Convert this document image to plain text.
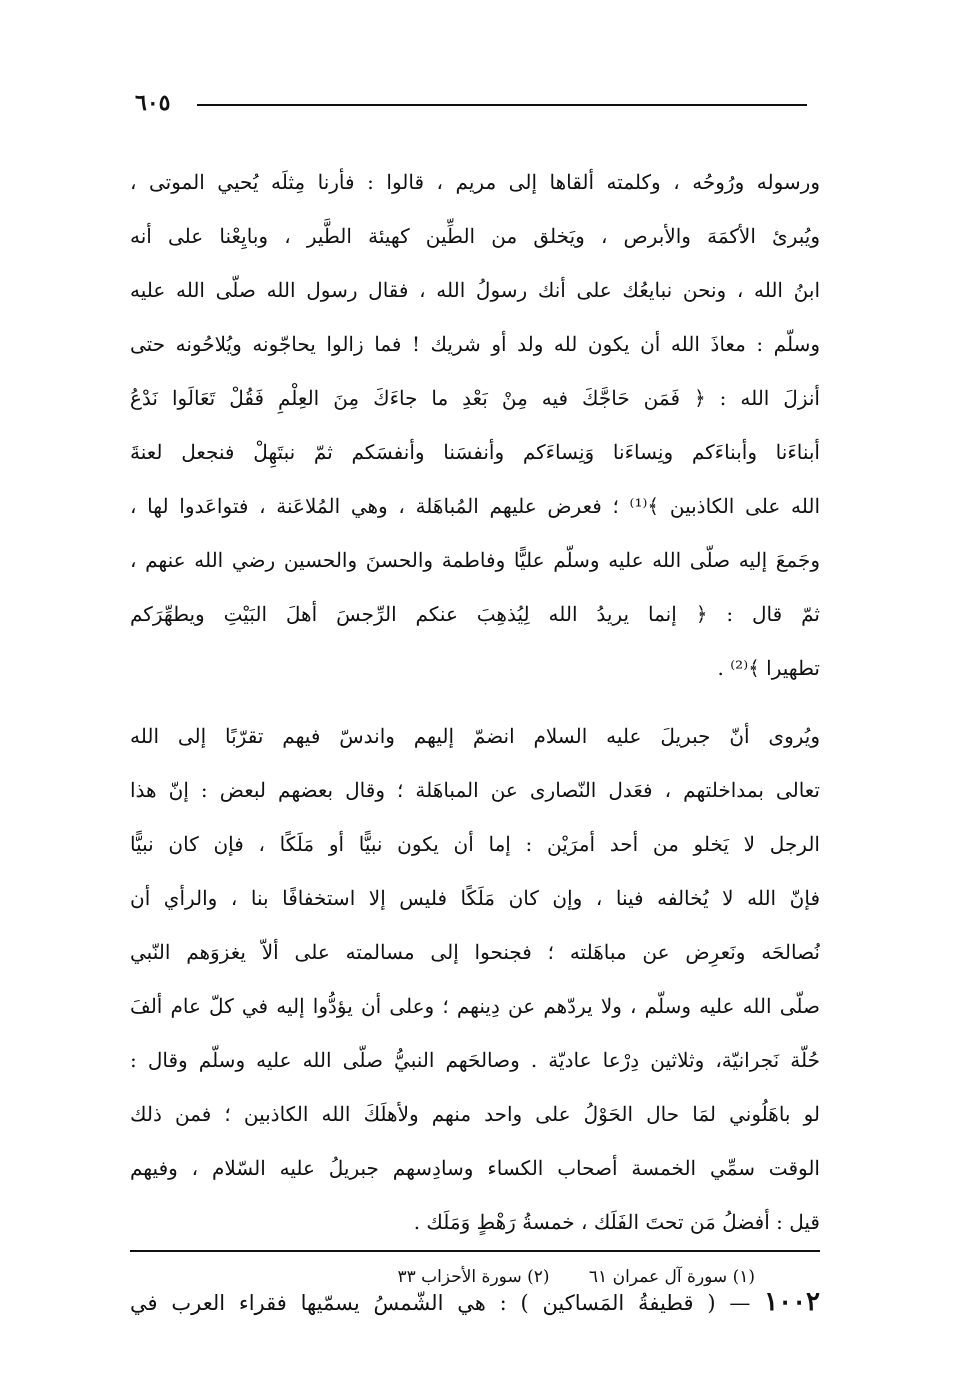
٦٠٥
ورسوله ورُوحُه ، وكلمته ألقاها إلى مريم ، قالوا : فأرنا مِثلَه يُحيي الموتى ،
ويُبرئ الأكمَهَ والأبرص ، ويَخلق من الطِّين كهيئة الطَّير ، وبايِعْنا على أنه
ابنُ الله ، ونحن نبايعُك على أنك رسولُ الله ، فقال رسول الله صلّى الله عليه
وسلّم : معاذَ الله أن يكون لله ولد أو شريك ! فما زالوا يحاجّونه ويُلاحُونه حتى
أنزلَ الله : ﴿ فَمَن حَاجَّكَ فيه مِنْ بَعْدِ ما جاءَكَ مِنَ العِلْمِ فَقُلْ تَعَالَوا نَدْعُ
أبناءَنا وأبناءَكم ونِساءَنا وَنِساءَكم وأنفسَنا وأنفسَكم ثمّ نبتَهِلْ فنجعل لعنةَ
الله على الكاذبين ﴾⁽¹⁾ ؛ فعرض عليهم المُباهَلة ، وهي المُلاعَنة ، فتواعَدوا لها ،
وجَمعَ إليه صلّى الله عليه وسلّم عليًّا وفاطمة والحسنَ والحسين رضي الله عنهم ،
ثمّ قال : ﴿ إنما يريدُ الله لِيُذهِبَ عنكم الرِّجسَ أهلَ البَيْتِ ويطهِّرَكم
تطهيرا ﴾⁽²⁾ .
ويُروى أنّ جبريلَ عليه السلام انضمّ إليهم واندسّ فيهم تقرّبًا إلى الله
تعالى بمداخلتهم ، فعَدل النّصارى عن المباهَلة ؛ وقال بعضهم لبعض : إنّ هذا
الرجل لا يَخلو من أحد أمرَيْن : إما أن يكون نبيًّا أو مَلَكًا ، فإن كان نبيًّا
فإنّ الله لا يُخالفه فينا ، وإن كان مَلَكًا فليس إلا استخفافًا بنا ، والرأي أن
نُصالحَه ونَعرِض عن مباهَلته ؛ فجنحوا إلى مسالمته على ألاّ يغزوَهم النّبي
صلّى الله عليه وسلّم ، ولا يردّهم عن دِينهم ؛ وعلى أن يؤدُّوا إليه في كلّ عام ألفَ
حُلّة نَجرانيّة، وثلاثين دِرْعا عاديّة . وصالحَهم النبيُّ صلّى الله عليه وسلّم وقال :
لو باهَلُوني لمَا حال الحَوْلُ على واحد منهم ولأهلَكَ الله الكاذبين ؛ فمن ذلك
الوقت سمِّي الخمسة أصحاب الكساء وسادِسهم جبريلُ عليه السّلام ، وفيهم
قيل : أفضلُ مَن تحتَ الفَلَك ، خمسةُ رَهْطٍ وَمَلَك .
١٠٠٢ — ( قطيفةُ المَساكين ) : هي الشّمسُ يسمّيها فقراء العرب في
(١) سورة آل عمران ٦١ (٢) سورة الأحزاب ٣٣
